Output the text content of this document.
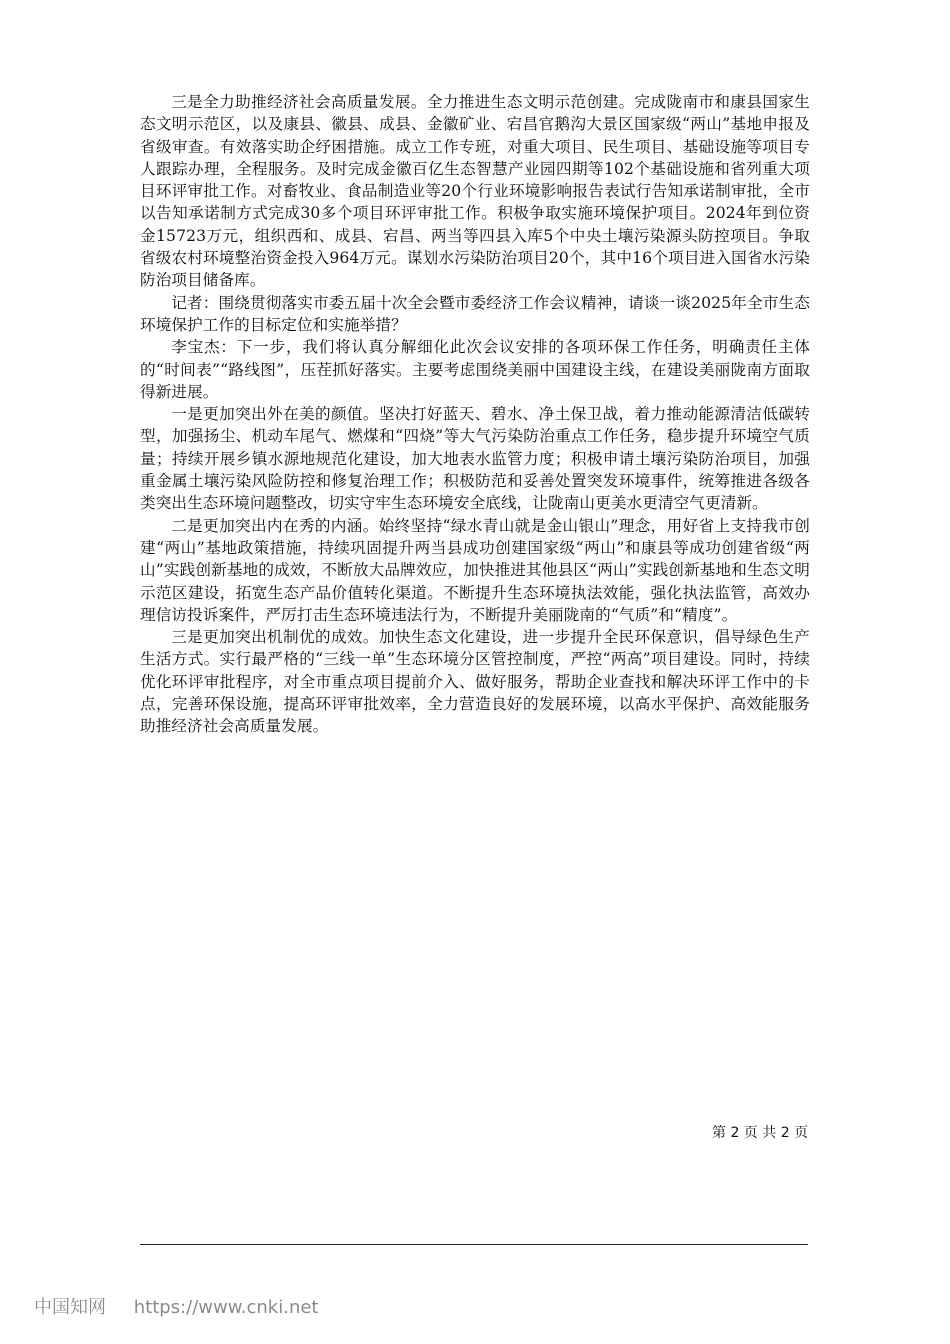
三是全力助推经济社会高质量发展。全力推进生态文明示范创建。完成陇南市和康县国家生态文明示范区，以及康县、徽县、成县、金徽矿业、宕昌官鹅沟大景区国家级“两山”基地申报及省级审查。有效落实助企纾困措施。成立工作专班，对重大项目、民生项目、基础设施等项目专人跟踪办理，全程服务。及时完成金徽百亿生态智慧产业园四期等102个基础设施和省列重大项目环评审批工作。对畜牧业、食品制造业等20个行业环境影响报告表试行告知承诺制审批，全市以告知承诺制方式完成30多个项目环评审批工作。积极争取实施环境保护项目。2024年到位资金15723万元，组织西和、成县、宕昌、两当等四县入库5个中央土壤污染源头防控项目。争取省级农村环境整治资金投入964万元。谋划水污染防治项目20个，其中16个项目进入国省水污染防治项目储备库。

记者：围绕贯彻落实市委五届十次全会暨市委经济工作会议精神，请谈一谈2025年全市生态环境保护工作的目标定位和实施举措？

李宝杰：下一步，我们将认真分解细化此次会议安排的各项环保工作任务，明确责任主体的“时间表”“路线图”，压茬抓好落实。主要考虑围绕美丽中国建设主线，在建设美丽陇南方面取得新进展。

一是更加突出外在美的颜值。坚决打好蓝天、碧水、净土保卫战，着力推动能源清洁低碳转型，加强扬尘、机动车尾气、燃煤和“四烧”等大气污染防治重点工作任务，稳步提升环境空气质量；持续开展乡镇水源地规范化建设，加大地表水监管力度；积极申请土壤污染防治项目，加强重金属土壤污染风险防控和修复治理工作；积极防范和妥善处置突发环境事件，统筹推进各级各类突出生态环境问题整改，切实守牢生态环境安全底线，让陇南山更美水更清空气更清新。

二是更加突出内在秀的内涵。始终坚持“绿水青山就是金山银山”理念，用好省上支持我市创建“两山”基地政策措施，持续巩固提升两当县成功创建国家级“两山”和康县等成功创建省级“两山”实践创新基地的成效，不断放大品牌效应，加快推进其他县区“两山”实践创新基地和生态文明示范区建设，拓宽生态产品价值转化渠道。不断提升生态环境执法效能，强化执法监管，高效办理信访投诉案件，严厉打击生态环境违法行为，不断提升美丽陇南的“气质”和“精度”。

三是更加突出机制优的成效。加快生态文化建设，进一步提升全民环保意识，倡导绿色生产生活方式。实行最严格的“三线一单”生态环境分区管控制度，严控“两高”项目建设。同时，持续优化环评审批程序，对全市重点项目提前介入、做好服务，帮助企业查找和解决环评工作中的卡点，完善环保设施，提高环评审批效率，全力营造良好的发展环境，以高水平保护、高效能服务助推经济社会高质量发展。

第 2 页 共 2 页
中国知网 https://www.cnki.net
